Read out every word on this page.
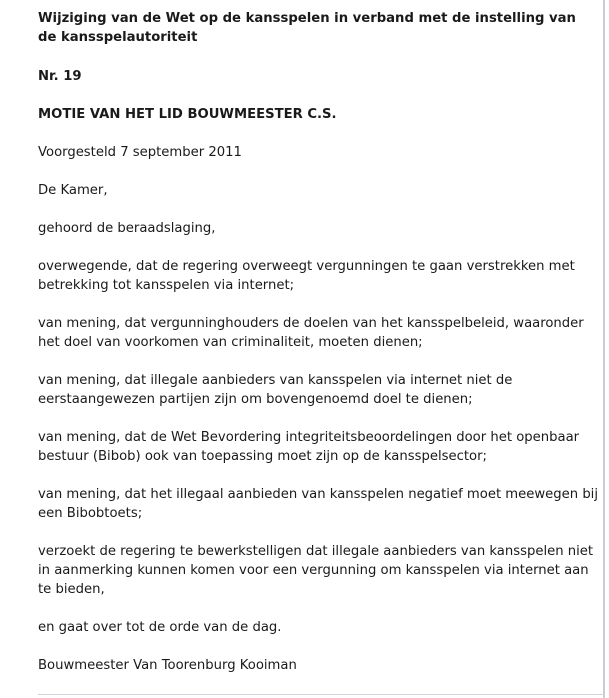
Wijziging van de Wet op de kansspelen in verband met de instelling van de kansspelautoriteit

Nr. 19

MOTIE VAN HET LID BOUWMEESTER C.S.

Voorgesteld 7 september 2011

De Kamer,

gehoord de beraadslaging,

overwegende, dat de regering overweegt vergunningen te gaan verstrekken met betrekking tot kansspelen via internet;

van mening, dat vergunninghouders de doelen van het kansspelbeleid, waaronder het doel van voorkomen van criminaliteit, moeten dienen;

van mening, dat illegale aanbieders van kansspelen via internet niet de eerstaangewezen partijen zijn om bovengenoemd doel te dienen;

van mening, dat de Wet Bevordering integriteitsbeoordelingen door het openbaar bestuur (Bibob) ook van toepassing moet zijn op de kansspelsector;

van mening, dat het illegaal aanbieden van kansspelen negatief moet meewegen bij een Bibobtoets;

verzoekt de regering te bewerkstelligen dat illegale aanbieders van kansspelen niet in aanmerking kunnen komen voor een vergunning om kansspelen via internet aan te bieden,

en gaat over tot de orde van de dag.

Bouwmeester Van Toorenburg Kooiman
